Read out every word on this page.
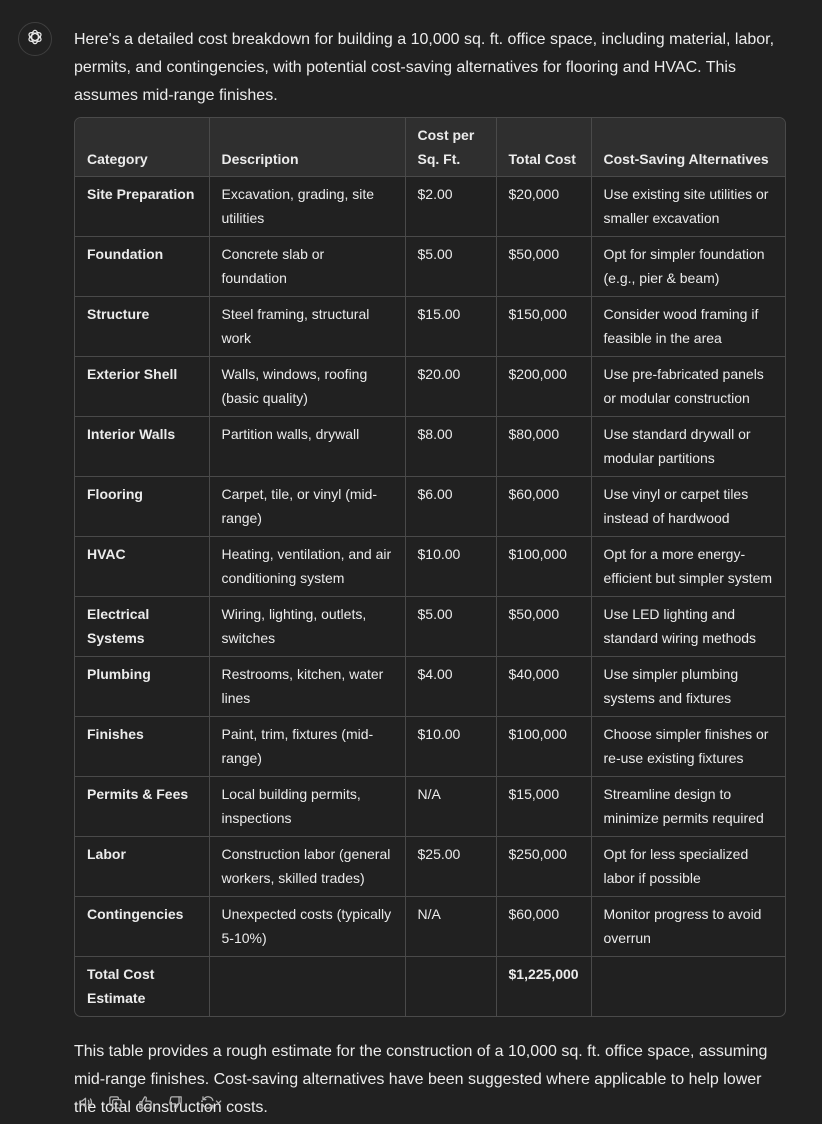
Here's a detailed cost breakdown for building a 10,000 sq. ft. office space, including material, labor, permits, and contingencies, with potential cost-saving alternatives for flooring and HVAC. This assumes mid-range finishes.

Category	Description	Cost per Sq. Ft.	Total Cost	Cost-Saving Alternatives
Site Preparation	Excavation, grading, site utilities	$2.00	$20,000	Use existing site utilities or smaller excavation
Foundation	Concrete slab or foundation	$5.00	$50,000	Opt for simpler foundation (e.g., pier & beam)
Structure	Steel framing, structural work	$15.00	$150,000	Consider wood framing if feasible in the area
Exterior Shell	Walls, windows, roofing (basic quality)	$20.00	$200,000	Use pre-fabricated panels or modular construction
Interior Walls	Partition walls, drywall	$8.00	$80,000	Use standard drywall or modular partitions
Flooring	Carpet, tile, or vinyl (mid-range)	$6.00	$60,000	Use vinyl or carpet tiles instead of hardwood
HVAC	Heating, ventilation, and air conditioning system	$10.00	$100,000	Opt for a more energy-efficient but simpler system
Electrical Systems	Wiring, lighting, outlets, switches	$5.00	$50,000	Use LED lighting and standard wiring methods
Plumbing	Restrooms, kitchen, water lines	$4.00	$40,000	Use simpler plumbing systems and fixtures
Finishes	Paint, trim, fixtures (mid-range)	$10.00	$100,000	Choose simpler finishes or re-use existing fixtures
Permits & Fees	Local building permits, inspections	N/A	$15,000	Streamline design to minimize permits required
Labor	Construction labor (general workers, skilled trades)	$25.00	$250,000	Opt for less specialized labor if possible
Contingencies	Unexpected costs (typically 5-10%)	N/A	$60,000	Monitor progress to avoid overrun
Total Cost Estimate			$1,225,000	

This table provides a rough estimate for the construction of a 10,000 sq. ft. office space, assuming mid-range finishes. Cost-saving alternatives have been suggested where applicable to help lower the total construction costs.
